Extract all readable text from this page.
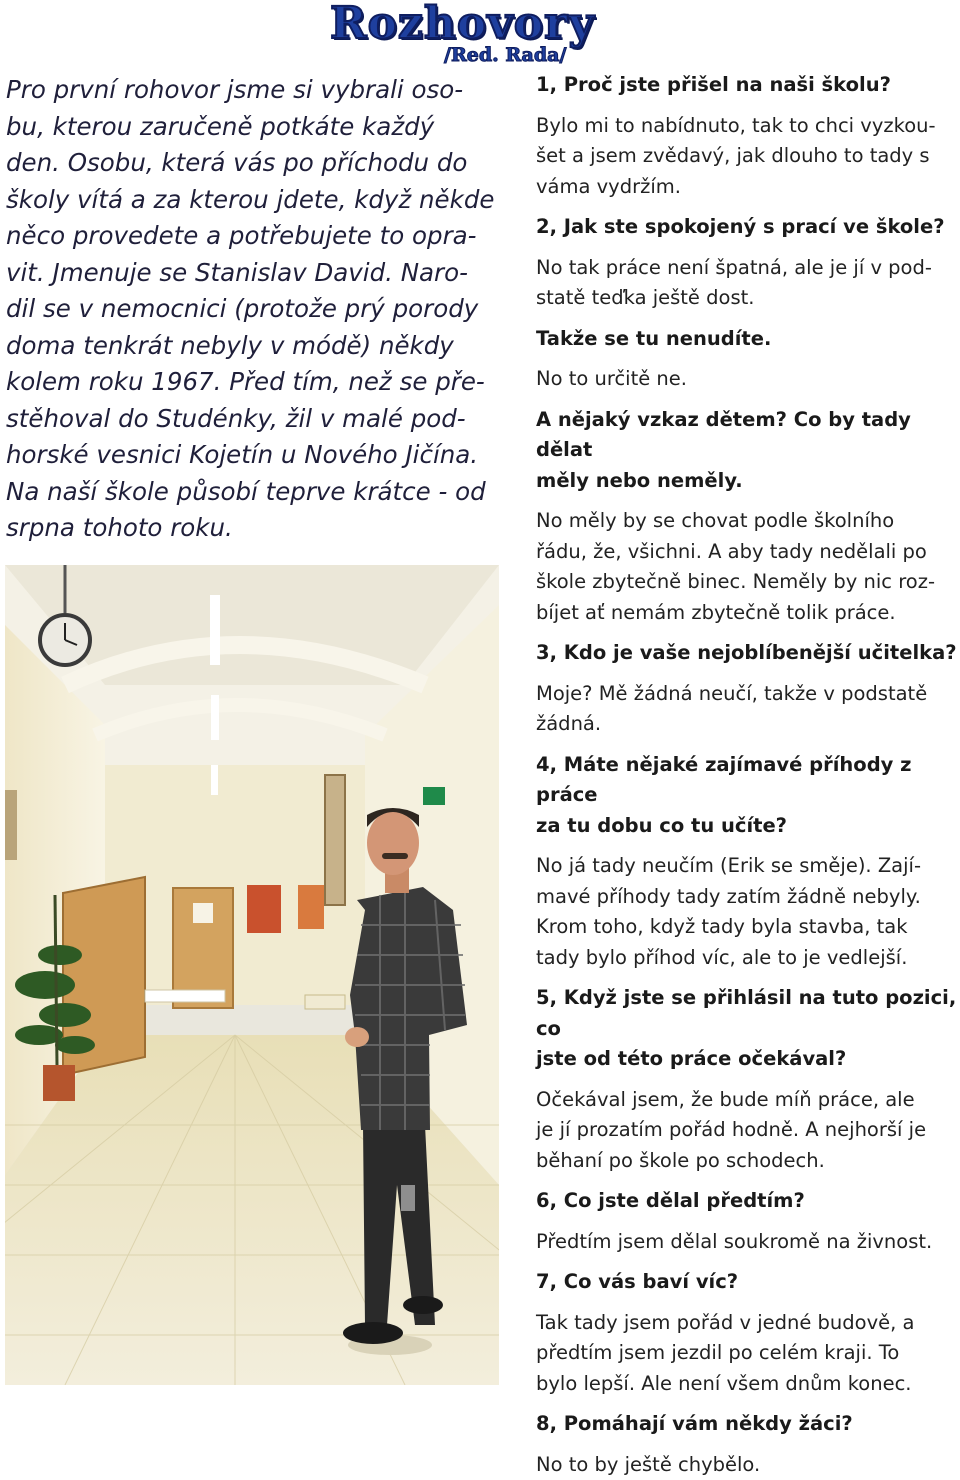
Rozhovory
/Red. Rada/

Pro první rohovor jsme si vybrali oso-
bu, kterou zaručeně potkáte každý
den. Osobu, která vás po příchodu do
školy vítá a za kterou jdete, když někde
něco provedete a potřebujete to opra-
vit. Jmenuje se Stanislav David. Naro-
dil se v nemocnici (protože prý porody
doma tenkrát nebyly v módě) někdy
kolem roku 1967. Před tím, než se pře-
stěhoval do Studénky, žil v malé pod-
horské vesnici Kojetín u Nového Jičína.
Na naší škole působí teprve krátce - od
srpna tohoto roku.

1, Proč jste přišel na naši školu?

Bylo mi to nabídnuto, tak to chci vyzkou-
šet a jsem zvědavý, jak dlouho to tady s
váma vydržím.

2, Jak ste spokojený s prací ve škole?

No tak práce není špatná, ale je jí v pod-
statě teďka ještě dost.

Takže se tu nenudíte.

No to určitě ne.

A nějaký vzkaz dětem? Co by tady dělat
měly nebo neměly.

No měly by se chovat podle školního
řádu, že, všichni. A aby tady nedělali po
škole zbytečně binec. Neměly by nic roz-
bíjet ať nemám zbytečně tolik práce.

3, Kdo je vaše nejoblíbenější učitelka?

Moje? Mě žádná neučí, takže v podstatě
žádná.

4, Máte nějaké zajímavé příhody z práce
za tu dobu co tu učíte?

No já tady neučím (Erik se směje). Zají-
mavé příhody tady zatím žádně nebyly.
Krom toho, když tady byla stavba, tak
tady bylo příhod víc, ale to je vedlejší.

5, Když jste se přihlásil na tuto pozici, co
jste od této práce očekával?

Očekával jsem, že bude míň práce, ale
je jí prozatím pořád hodně. A nejhorší je
běhaní po škole po schodech.

6, Co jste dělal předtím?

Předtím jsem dělal soukromě na živnost.

7, Co vás baví víc?

Tak tady jsem pořád v jedné budově, a
předtím jsem jezdil po celém kraji. To
bylo lepší. Ale není všem dnům konec.

8, Pomáhají vám někdy žáci?

No to by ještě chybělo.
